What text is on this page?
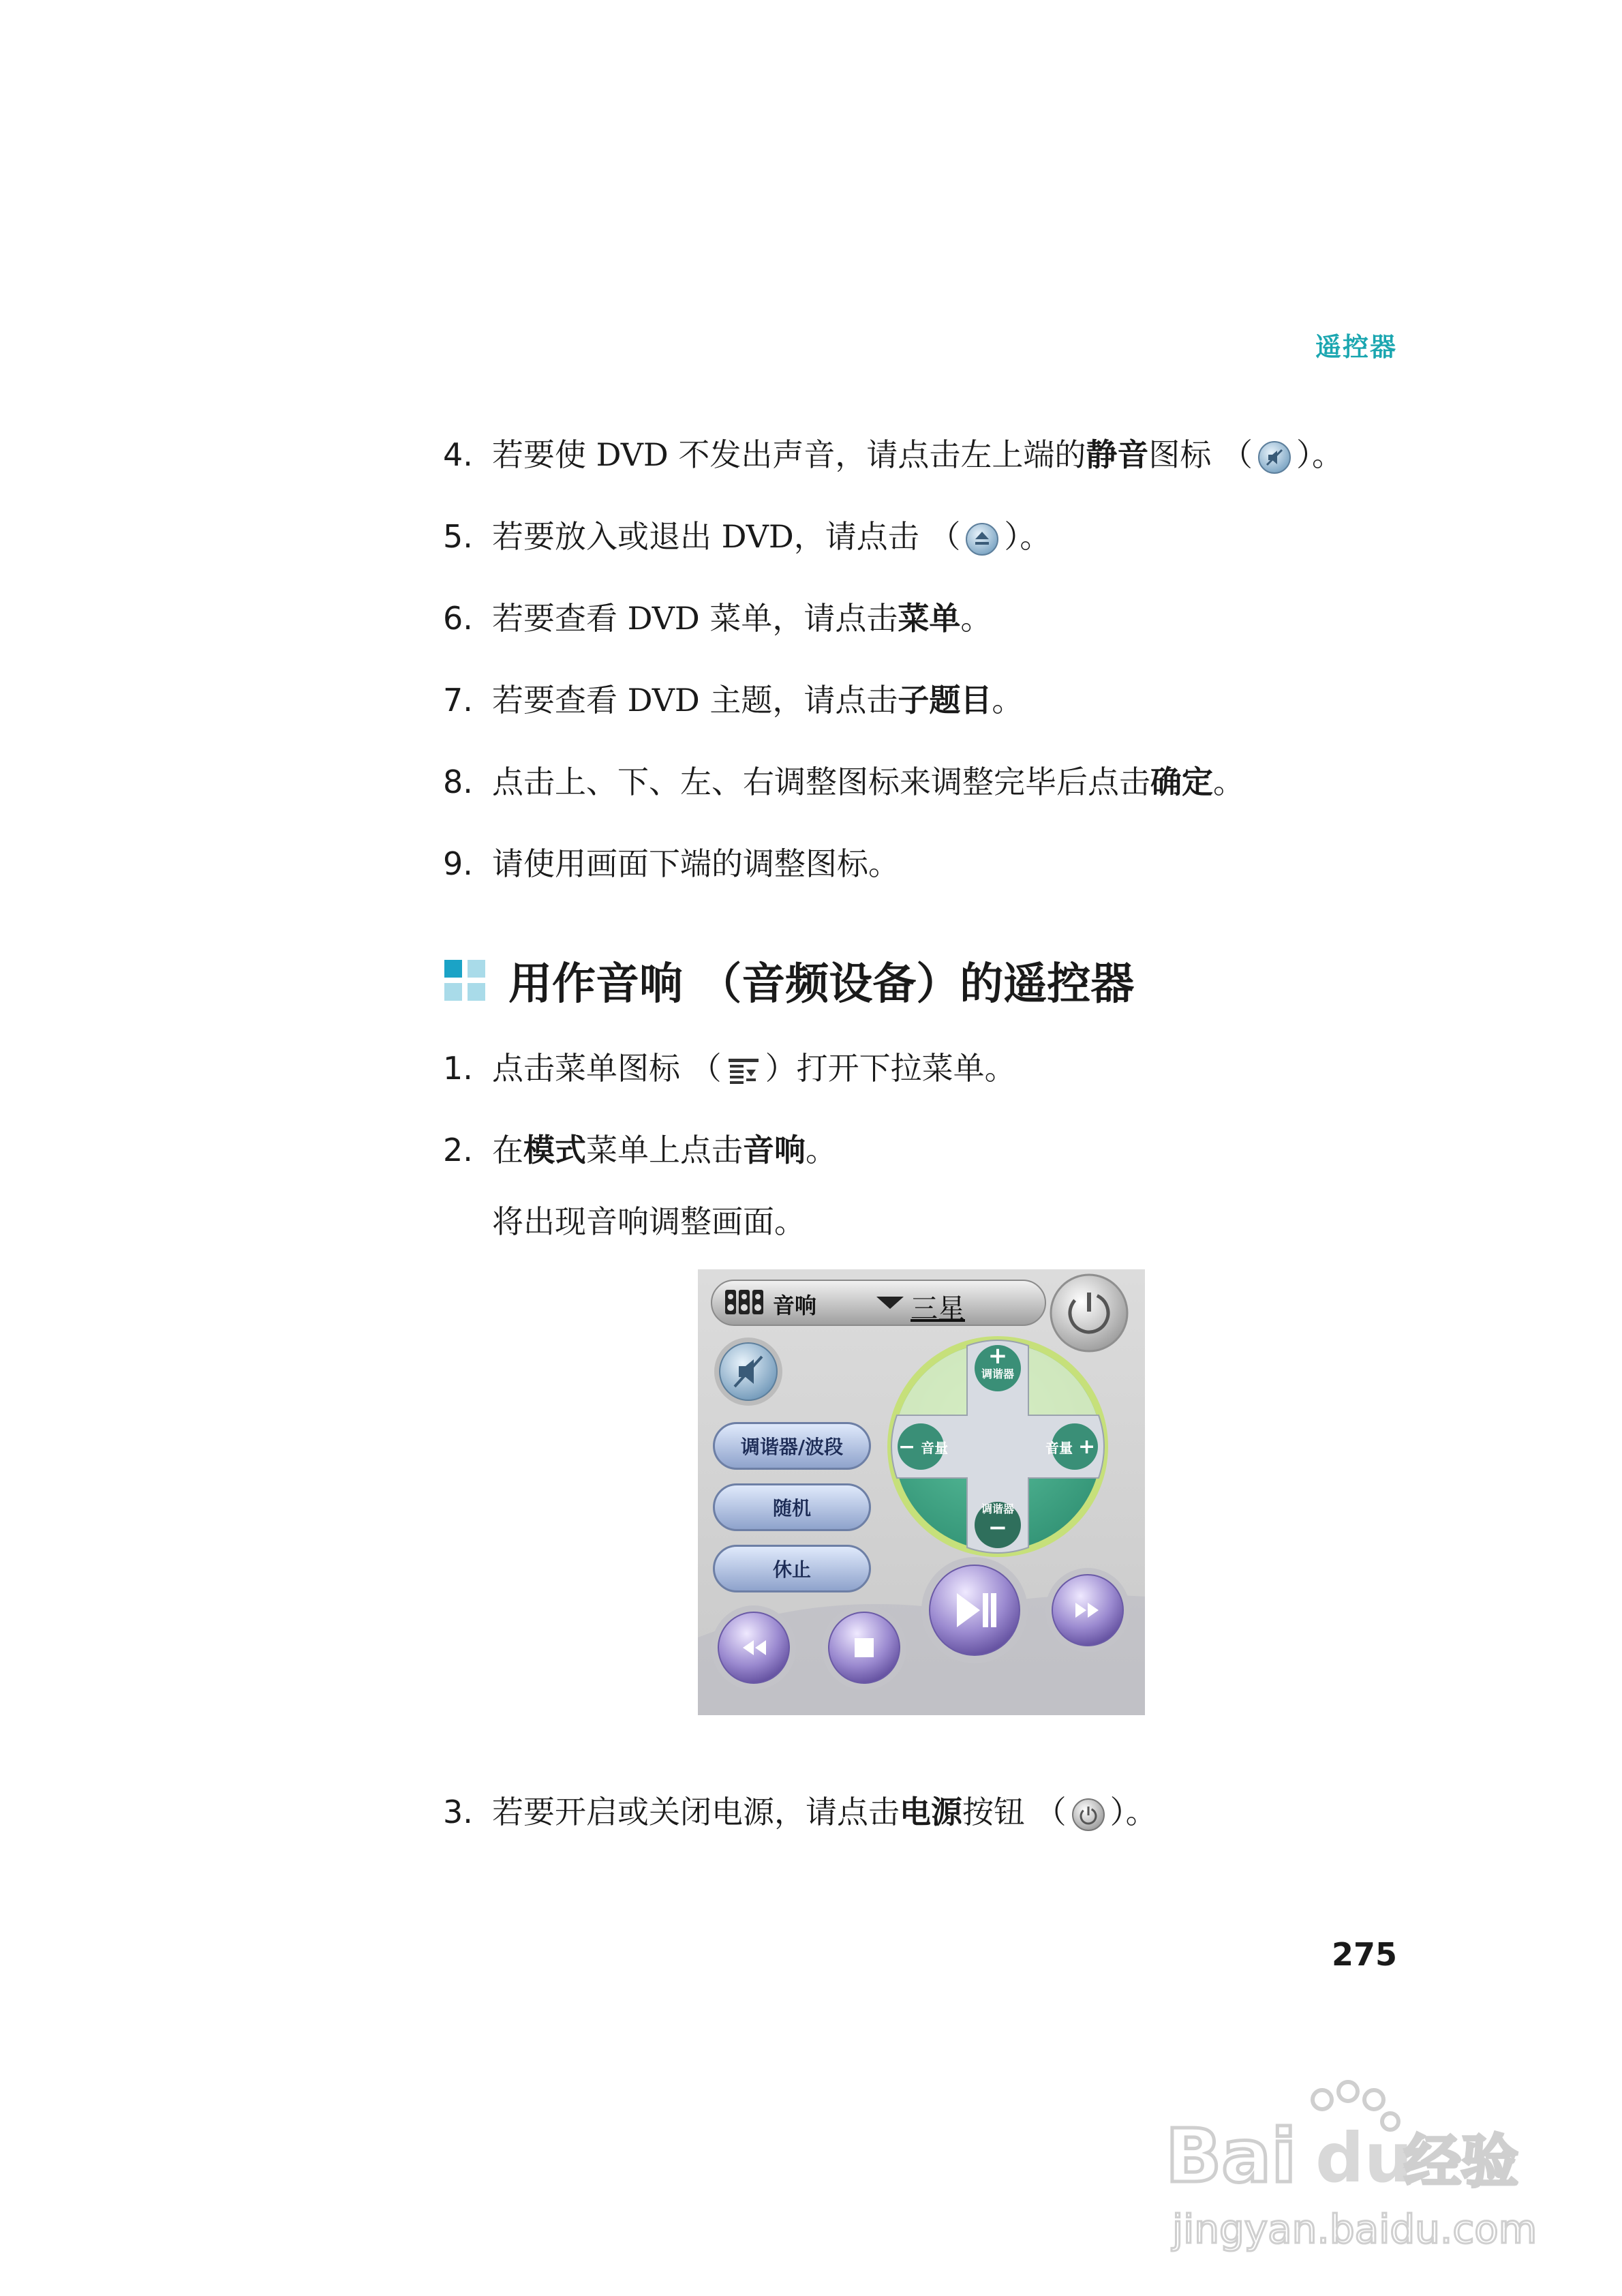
遥控器
4. 若要使 DVD 不发出声音，请点击左上端的静音图标 （ ）。
5. 若要放入或退出 DVD，请点击 （ ）。
6. 若要查看 DVD 菜单，请点击菜单。
7. 若要查看 DVD 主题，请点击子题目。
8. 点击上、下、左、右调整图标来调整完毕后点击确定。
9. 请使用画面下端的调整图标。
用作音响 （音频设备）的遥控器
1. 点击菜单图标 （ ）打开下拉菜单。
2. 在模式菜单上点击音响。
将出现音响调整画面。
音响	三星
调谐器/波段
随机
休止
+
调谐器
调谐器
−
− 音量	音量 +
3. 若要开启或关闭电源，请点击电源按钮 （ ）。
275
Bai du
经验
jingyan.baidu.com
